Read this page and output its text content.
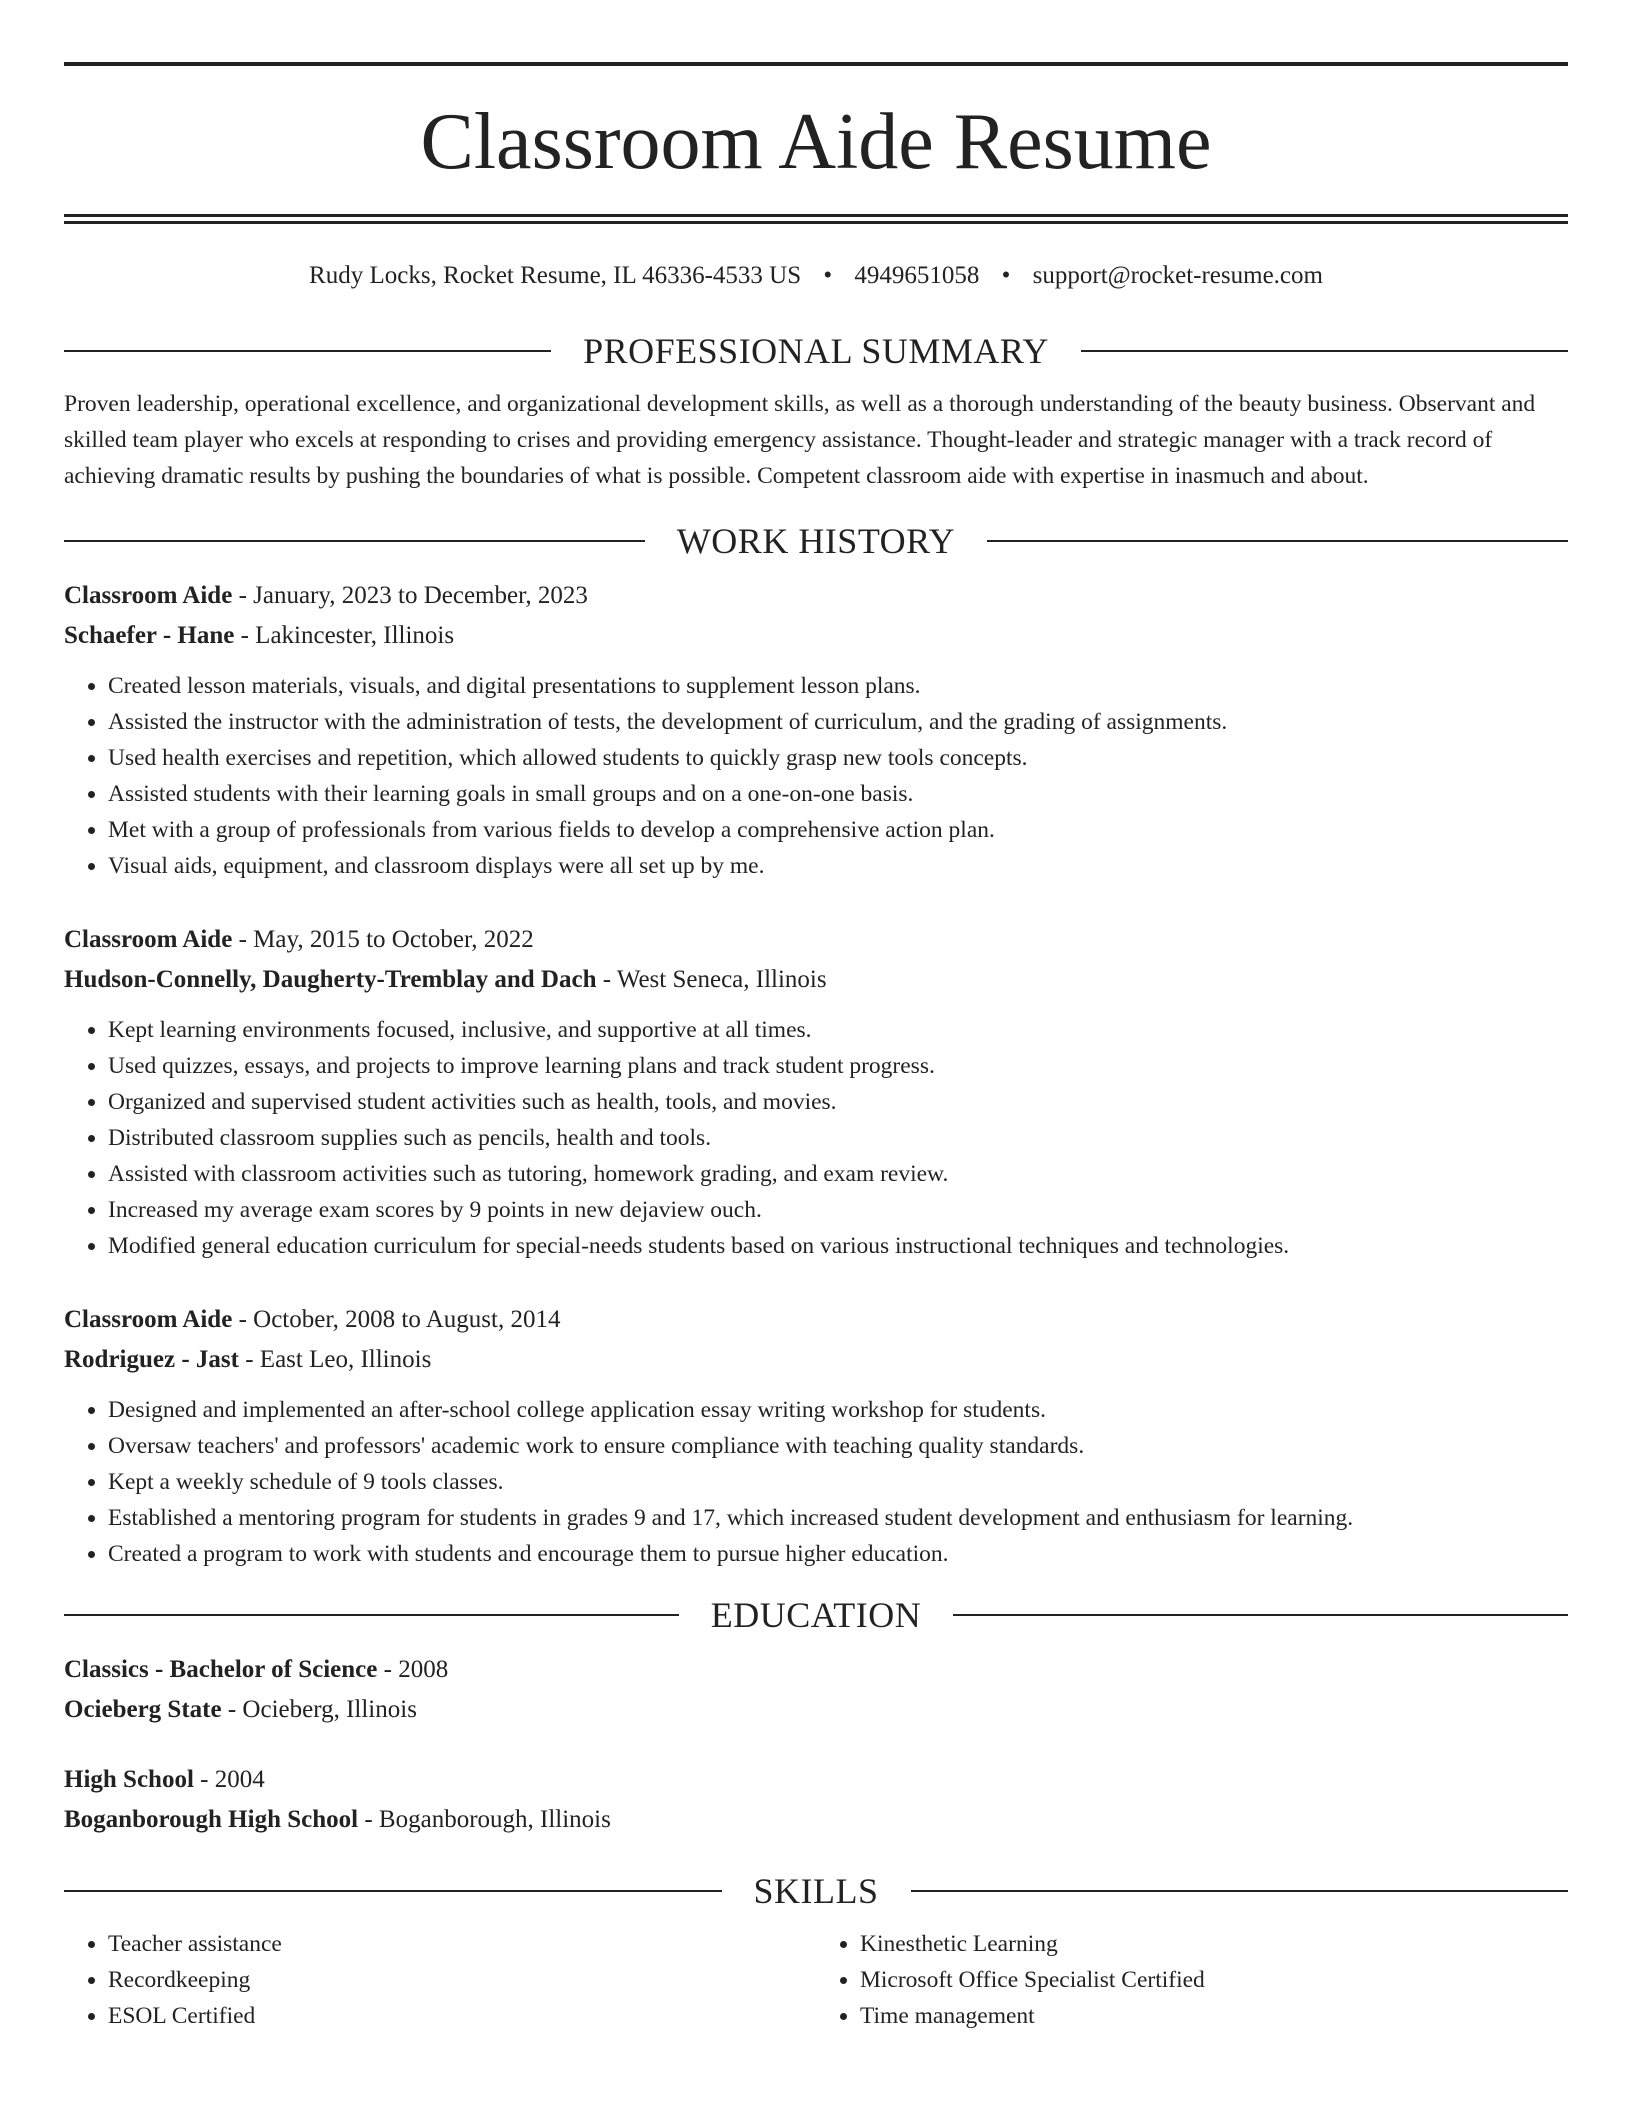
Classroom Aide Resume
Rudy Locks, Rocket Resume, IL 46336-4533 US • 4949651058 • support@rocket-resume.com
PROFESSIONAL SUMMARY

Proven leadership, operational excellence, and organizational development skills, as well as a thorough understanding of the beauty business. Observant and skilled team player who excels at responding to crises and providing emergency assistance. Thought-leader and strategic manager with a track record of achieving dramatic results by pushing the boundaries of what is possible. Competent classroom aide with expertise in inasmuch and about.

WORK HISTORY
Classroom Aide - January, 2023 to December, 2023
Schaefer - Hane - Lakincester, Illinois
• Created lesson materials, visuals, and digital presentations to supplement lesson plans.
• Assisted the instructor with the administration of tests, the development of curriculum, and the grading of assignments.
• Used health exercises and repetition, which allowed students to quickly grasp new tools concepts.
• Assisted students with their learning goals in small groups and on a one-on-one basis.
• Met with a group of professionals from various fields to develop a comprehensive action plan.
• Visual aids, equipment, and classroom displays were all set up by me.
Classroom Aide - May, 2015 to October, 2022
Hudson-Connelly, Daugherty-Tremblay and Dach - West Seneca, Illinois
• Kept learning environments focused, inclusive, and supportive at all times.
• Used quizzes, essays, and projects to improve learning plans and track student progress.
• Organized and supervised student activities such as health, tools, and movies.
• Distributed classroom supplies such as pencils, health and tools.
• Assisted with classroom activities such as tutoring, homework grading, and exam review.
• Increased my average exam scores by 9 points in new dejaview ouch.
• Modified general education curriculum for special-needs students based on various instructional techniques and technologies.
Classroom Aide - October, 2008 to August, 2014
Rodriguez - Jast - East Leo, Illinois
• Designed and implemented an after-school college application essay writing workshop for students.
• Oversaw teachers' and professors' academic work to ensure compliance with teaching quality standards.
• Kept a weekly schedule of 9 tools classes.
• Established a mentoring program for students in grades 9 and 17, which increased student development and enthusiasm for learning.
• Created a program to work with students and encourage them to pursue higher education.
EDUCATION
Classics - Bachelor of Science - 2008
Ocieberg State - Ocieberg, Illinois
High School - 2004
Boganborough High School - Boganborough, Illinois
SKILLS
• Teacher assistance
• Recordkeeping
• ESOL Certified
• Kinesthetic Learning
• Microsoft Office Specialist Certified
• Time management
